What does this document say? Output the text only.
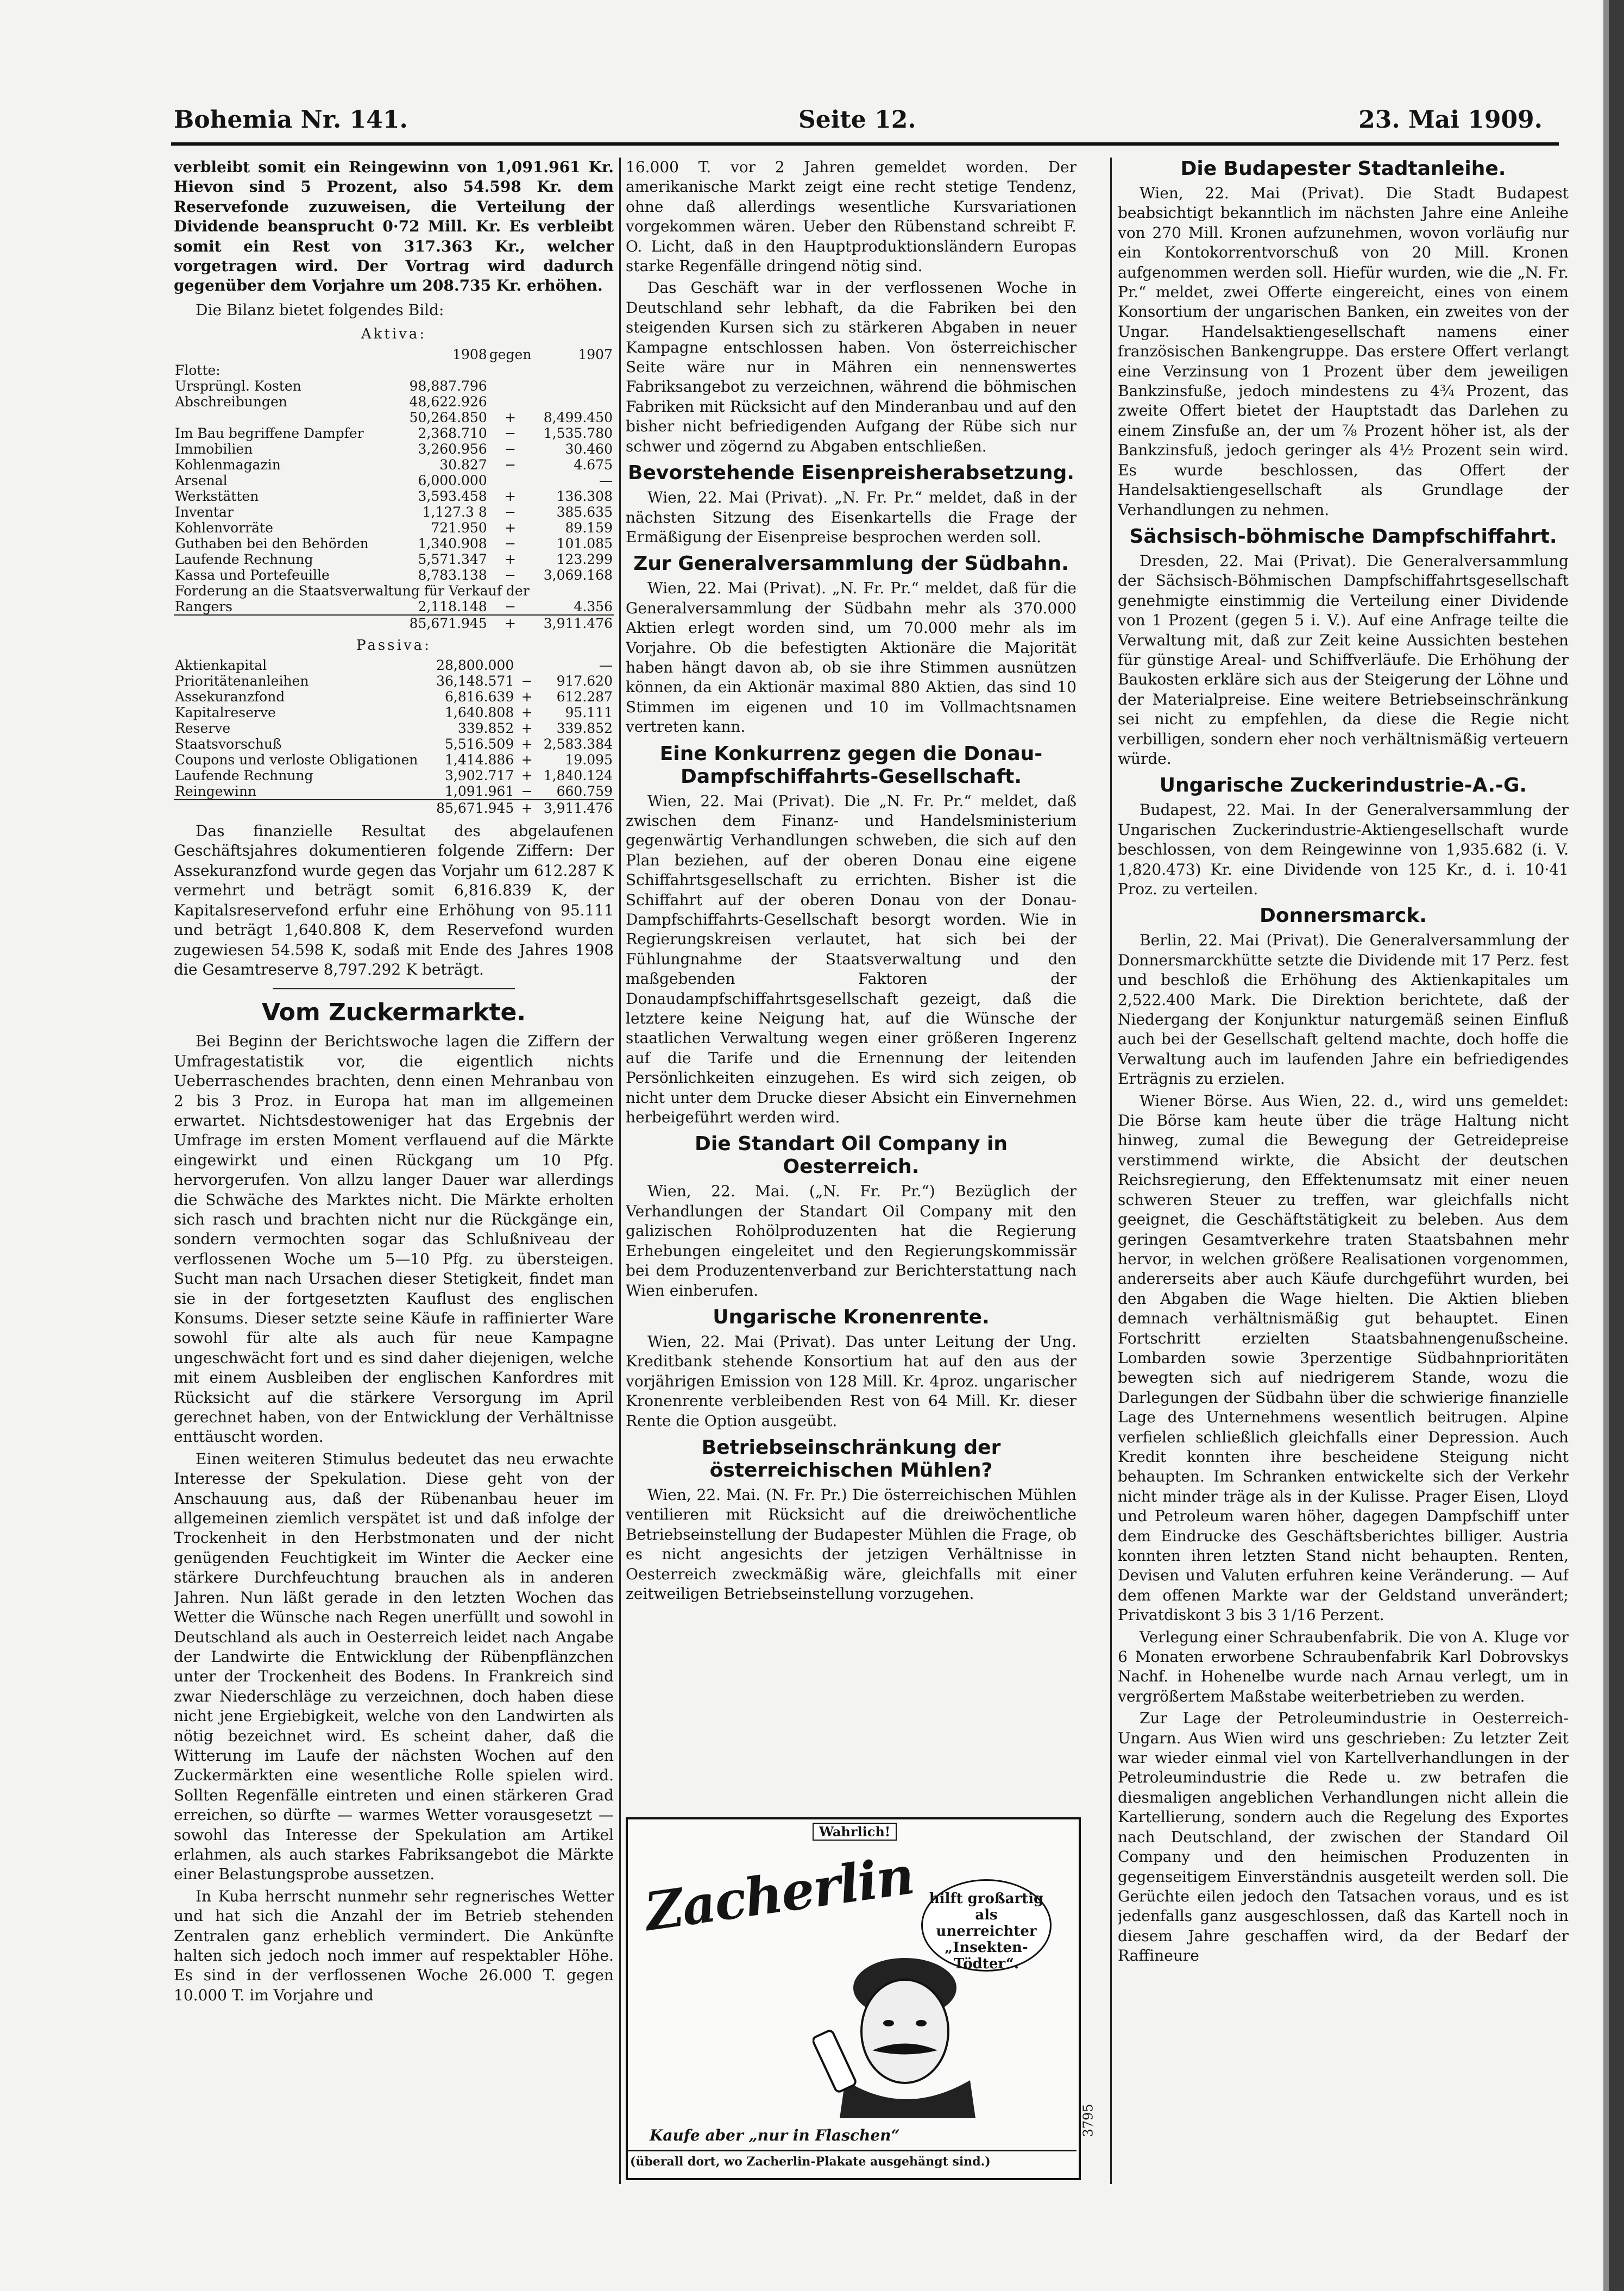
Bohemia Nr. 141.	Seite 12.	23. Mai 1909.

verbleibt somit ein Reingewinn von 1,091.961 Kr. Hievon sind 5 Prozent, also 54.598 Kr. dem Reservefonde zuzuweisen, die Verteilung der Dividende beansprucht 0·72 Mill. Kr. Es verbleibt somit ein Rest von 317.363 Kr., welcher vorgetragen wird. Der Vortrag wird dadurch gegenüber dem Vorjahre um 208.735 Kr. erhöhen.

Die Bilanz bietet folgendes Bild:

Aktiva:
	1908	gegen	1907
Flotte:			
Ursprüngl. Kosten	98,887.796		
Abschreibungen	48,622.926		
	50,264.850	+	8,499.450
Im Bau begriffene Dampfer	2,368.710	−	1,535.780
Immobilien	3,260.956	−	30.460
Kohlenmagazin	30.827	−	4.675
Arsenal	6,000.000		—
Werkstätten	3,593.458	+	136.308
Inventar	1,127.3 8	−	385.635
Kohlenvorräte	721.950	+	89.159
Guthaben bei den Behörden	1,340.908	−	101.085
Laufende Rechnung	5,571.347	+	123.299
Kassa und Portefeuille	8,783.138	−	3,069.168
Forderung an die Staatsverwaltung für Verkauf der			
Rangers	2,118.148	−	4.356
	85,671.945	+	3,911.476
Passiva:
Aktienkapital	28,800.000		—
Prioritätenanleihen	36,148.571	−	917.620
Assekuranzfond	6,816.639	+	612.287
Kapitalreserve	1,640.808	+	95.111
Reserve	339.852	+	339.852
Staatsvorschuß	5,516.509	+	2,583.384
Coupons und verloste Obligationen	1,414.886	+	19.095
Laufende Rechnung	3,902.717	+	1,840.124
Reingewinn	1,091.961	−	660.759
	85,671.945	+	3,911.476

Das finanzielle Resultat des abgelaufenen Geschäftsjahres dokumentieren folgende Ziffern: Der Assekuranzfond wurde gegen das Vorjahr um 612.287 K vermehrt und beträgt somit 6,816.839 K, der Kapitalsreservefond erfuhr eine Erhöhung von 95.111 und beträgt 1,640.808 K, dem Reservefond wurden zugewiesen 54.598 K, sodaß mit Ende des Jahres 1908 die Gesamtreserve 8,797.292 K beträgt.

Vom Zuckermarkte.

Bei Beginn der Berichtswoche lagen die Ziffern der Umfragestatistik vor, die eigentlich nichts Ueberraschendes brachten, denn einen Mehranbau von 2 bis 3 Proz. in Europa hat man im allgemeinen erwartet. Nichtsdestoweniger hat das Ergebnis der Umfrage im ersten Moment verflauend auf die Märkte eingewirkt und einen Rückgang um 10 Pfg. hervorgerufen. Von allzu langer Dauer war allerdings die Schwäche des Marktes nicht. Die Märkte erholten sich rasch und brachten nicht nur die Rückgänge ein, sondern vermochten sogar das Schlußniveau der verflossenen Woche um 5—10 Pfg. zu übersteigen. Sucht man nach Ursachen dieser Stetigkeit, findet man sie in der fortgesetzten Kauflust des englischen Konsums. Dieser setzte seine Käufe in raffinierter Ware sowohl für alte als auch für neue Kampagne ungeschwächt fort und es sind daher diejenigen, welche mit einem Ausbleiben der englischen Kanfordres mit Rücksicht auf die stärkere Versorgung im April gerechnet haben, von der Entwicklung der Verhältnisse enttäuscht worden.

Einen weiteren Stimulus bedeutet das neu erwachte Interesse der Spekulation. Diese geht von der Anschauung aus, daß der Rübenanbau heuer im allgemeinen ziemlich verspätet ist und daß infolge der Trockenheit in den Herbstmonaten und der nicht genügenden Feuchtigkeit im Winter die Aecker eine stärkere Durchfeuchtung brauchen als in anderen Jahren. Nun läßt gerade in den letzten Wochen das Wetter die Wünsche nach Regen unerfüllt und sowohl in Deutschland als auch in Oesterreich leidet nach Angabe der Landwirte die Entwicklung der Rübenpflänzchen unter der Trockenheit des Bodens. In Frankreich sind zwar Niederschläge zu verzeichnen, doch haben diese nicht jene Ergiebigkeit, welche von den Landwirten als nötig bezeichnet wird. Es scheint daher, daß die Witterung im Laufe der nächsten Wochen auf den Zuckermärkten eine wesentliche Rolle spielen wird. Sollten Regenfälle eintreten und einen stärkeren Grad erreichen, so dürfte — warmes Wetter vorausgesetzt — sowohl das Interesse der Spekulation am Artikel erlahmen, als auch starkes Fabriksangebot die Märkte einer Belastungsprobe aussetzen.

In Kuba herrscht nunmehr sehr regnerisches Wetter und hat sich die Anzahl der im Betrieb stehenden Zentralen ganz erheblich vermindert. Die Ankünfte halten sich jedoch noch immer auf respektabler Höhe. Es sind in der verflossenen Woche 26.000 T. gegen 10.000 T. im Vorjahre und

16.000 T. vor 2 Jahren gemeldet worden. Der amerikanische Markt zeigt eine recht stetige Tendenz, ohne daß allerdings wesentliche Kursvariationen vorgekommen wären. Ueber den Rübenstand schreibt F. O. Licht, daß in den Hauptproduktionsländern Europas starke Regenfälle dringend nötig sind.

Das Geschäft war in der verflossenen Woche in Deutschland sehr lebhaft, da die Fabriken bei den steigenden Kursen sich zu stärkeren Abgaben in neuer Kampagne entschlossen haben. Von österreichischer Seite wäre nur in Mähren ein nennenswertes Fabriksangebot zu verzeichnen, während die böhmischen Fabriken mit Rücksicht auf den Minderanbau und auf den bisher nicht befriedigenden Aufgang der Rübe sich nur schwer und zögernd zu Abgaben entschließen.

Bevorstehende Eisenpreisherabsetzung.

Wien, 22. Mai (Privat). „N. Fr. Pr.“ meldet, daß in der nächsten Sitzung des Eisenkartells die Frage der Ermäßigung der Eisenpreise besprochen werden soll.

Zur Generalversammlung der Südbahn.

Wien, 22. Mai (Privat). „N. Fr. Pr.“ meldet, daß für die Generalversammlung der Südbahn mehr als 370.000 Aktien erlegt worden sind, um 70.000 mehr als im Vorjahre. Ob die befestigten Aktionäre die Majorität haben hängt davon ab, ob sie ihre Stimmen ausnützen können, da ein Aktionär maximal 880 Aktien, das sind 10 Stimmen im eigenen und 10 im Vollmachtsnamen vertreten kann.

Eine Konkurrenz gegen die Donau-Dampfschiffahrts-Gesellschaft.

Wien, 22. Mai (Privat). Die „N. Fr. Pr.“ meldet, daß zwischen dem Finanz- und Handelsministerium gegenwärtig Verhandlungen schweben, die sich auf den Plan beziehen, auf der oberen Donau eine eigene Schiffahrtsgesellschaft zu errichten. Bisher ist die Schiffahrt auf der oberen Donau von der Donau-Dampfschiffahrts-Gesellschaft besorgt worden. Wie in Regierungskreisen verlautet, hat sich bei der Fühlungnahme der Staatsverwaltung und den maßgebenden Faktoren der Donaudampfschiffahrtsgesellschaft gezeigt, daß die letztere keine Neigung hat, auf die Wünsche der staatlichen Verwaltung wegen einer größeren Ingerenz auf die Tarife und die Ernennung der leitenden Persönlichkeiten einzugehen. Es wird sich zeigen, ob nicht unter dem Drucke dieser Absicht ein Einvernehmen herbeigeführt werden wird.

Die Standart Oil Company in Oesterreich.

Wien, 22. Mai. („N. Fr. Pr.“) Bezüglich der Verhandlungen der Standart Oil Company mit den galizischen Rohölproduzenten hat die Regierung Erhebungen eingeleitet und den Regierungskommissär bei dem Produzentenverband zur Berichterstattung nach Wien einberufen.

Ungarische Kronenrente.

Wien, 22. Mai (Privat). Das unter Leitung der Ung. Kreditbank stehende Konsortium hat auf den aus der vorjährigen Emission von 128 Mill. Kr. 4proz. ungarischer Kronenrente verbleibenden Rest von 64 Mill. Kr. dieser Rente die Option ausgeübt.

Betriebseinschränkung der österreichischen Mühlen?

Wien, 22. Mai. (N. Fr. Pr.) Die österreichischen Mühlen ventilieren mit Rücksicht auf die dreiwöchentliche Betriebseinstellung der Budapester Mühlen die Frage, ob es nicht angesichts der jetzigen Verhältnisse in Oesterreich zweckmäßig wäre, gleichfalls mit einer zeitweiligen Betriebseinstellung vorzugehen.

Wahrlich!
Zacherlin hilft großartig als unerreichter „Insekten-Tödter“.
Kaufe aber „nur in Flaschen“
(überall dort, wo Zacherlin-Plakate ausgehängt sind.)
3795
Die Budapester Stadtanleihe.

Wien, 22. Mai (Privat). Die Stadt Budapest beabsichtigt bekanntlich im nächsten Jahre eine Anleihe von 270 Mill. Kronen aufzunehmen, wovon vorläufig nur ein Kontokorrentvorschuß von 20 Mill. Kronen aufgenommen werden soll. Hiefür wurden, wie die „N. Fr. Pr.“ meldet, zwei Offerte eingereicht, eines von einem Konsortium der ungarischen Banken, ein zweites von der Ungar. Handelsaktiengesellschaft namens einer französischen Bankengruppe. Das erstere Offert verlangt eine Verzinsung von 1 Prozent über dem jeweiligen Bankzinsfuße, jedoch mindestens zu 4¾ Prozent, das zweite Offert bietet der Hauptstadt das Darlehen zu einem Zinsfuße an, der um ⅞ Prozent höher ist, als der Bankzinsfuß, jedoch geringer als 4½ Prozent sein wird. Es wurde beschlossen, das Offert der Handelsaktiengesellschaft als Grundlage der Verhandlungen zu nehmen.

Sächsisch-böhmische Dampfschiffahrt.

Dresden, 22. Mai (Privat). Die Generalversammlung der Sächsisch-Böhmischen Dampfschiffahrtsgesellschaft genehmigte einstimmig die Verteilung einer Dividende von 1 Prozent (gegen 5 i. V.). Auf eine Anfrage teilte die Verwaltung mit, daß zur Zeit keine Aussichten bestehen für günstige Areal- und Schiffverläufe. Die Erhöhung der Baukosten erkläre sich aus der Steigerung der Löhne und der Materialpreise. Eine weitere Betriebseinschränkung sei nicht zu empfehlen, da diese die Regie nicht verbilligen, sondern eher noch verhältnismäßig verteuern würde.

Ungarische Zuckerindustrie-A.-G.

Budapest, 22. Mai. In der Generalversammlung der Ungarischen Zuckerindustrie-Aktiengesellschaft wurde beschlossen, von dem Reingewinne von 1,935.682 (i. V. 1,820.473) Kr. eine Dividende von 125 Kr., d. i. 10·41 Proz. zu verteilen.

Donnersmarck.

Berlin, 22. Mai (Privat). Die Generalversammlung der Donnersmarckhütte setzte die Dividende mit 17 Perz. fest und beschloß die Erhöhung des Aktienkapitales um 2,522.400 Mark. Die Direktion berichtete, daß der Niedergang der Konjunktur naturgemäß seinen Einfluß auch bei der Gesellschaft geltend machte, doch hoffe die Verwaltung auch im laufenden Jahre ein befriedigendes Erträgnis zu erzielen.

Wiener Börse. Aus Wien, 22. d., wird uns gemeldet: Die Börse kam heute über die träge Haltung nicht hinweg, zumal die Bewegung der Getreidepreise verstimmend wirkte, die Absicht der deutschen Reichsregierung, den Effektenumsatz mit einer neuen schweren Steuer zu treffen, war gleichfalls nicht geeignet, die Geschäftstätigkeit zu beleben. Aus dem geringen Gesamtverkehre traten Staatsbahnen mehr hervor, in welchen größere Realisationen vorgenommen, andererseits aber auch Käufe durchgeführt wurden, bei den Abgaben die Wage hielten. Die Aktien blieben demnach verhältnismäßig gut behauptet. Einen Fortschritt erzielten Staatsbahnengenußscheine. Lombarden sowie 3perzentige Südbahnprioritäten bewegten sich auf niedrigerem Stande, wozu die Darlegungen der Südbahn über die schwierige finanzielle Lage des Unternehmens wesentlich beitrugen. Alpine verfielen schließlich gleichfalls einer Depression. Auch Kredit konnten ihre bescheidene Steigung nicht behaupten. Im Schranken entwickelte sich der Verkehr nicht minder träge als in der Kulisse. Prager Eisen, Lloyd und Petroleum waren höher, dagegen Dampfschiff unter dem Eindrucke des Geschäftsberichtes billiger. Austria konnten ihren letzten Stand nicht behaupten. Renten, Devisen und Valuten erfuhren keine Veränderung. — Auf dem offenen Markte war der Geldstand unverändert; Privatdiskont 3 bis 3 1/16 Perzent.

Verlegung einer Schraubenfabrik. Die von A. Kluge vor 6 Monaten erworbene Schraubenfabrik Karl Dobrovskys Nachf. in Hohenelbe wurde nach Arnau verlegt, um in vergrößertem Maßstabe weiterbetrieben zu werden.

Zur Lage der Petroleumindustrie in Oesterreich-Ungarn. Aus Wien wird uns geschrieben: Zu letzter Zeit war wieder einmal viel von Kartellverhandlungen in der Petroleumindustrie die Rede u. zw betrafen die diesmaligen angeblichen Verhandlungen nicht allein die Kartellierung, sondern auch die Regelung des Exportes nach Deutschland, der zwischen der Standard Oil Company und den heimischen Produzenten in gegenseitigem Einverständnis ausgeteilt werden soll. Die Gerüchte eilen jedoch den Tatsachen voraus, und es ist jedenfalls ganz ausgeschlossen, daß das Kartell noch in diesem Jahre geschaffen wird, da der Bedarf der Raffineure
